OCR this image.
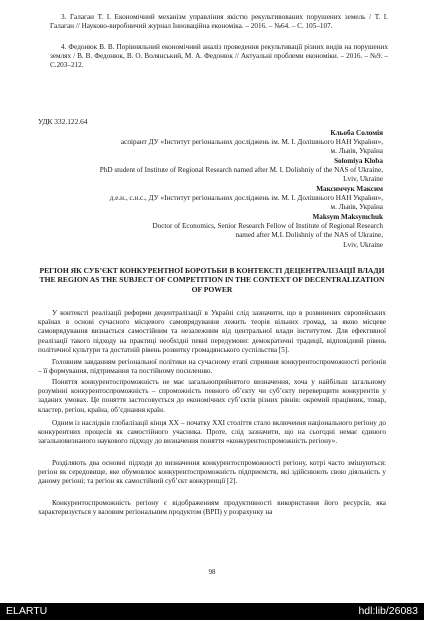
3. Галаган Т. І. Економічний механізм управління якістю рекультивованих порушених земель / Т. І. Галаган // Науково-виробничий журнал Інноваційна економіка. – 2016. – №64. – С. 105–107.

4. Федонюк В. В. Порівняльний економічний аналіз проведення рекультивації різних видів на порушених землях / В. В. Федонюк, В. О. Волянський, М. А. Федонюк // Актуальні проблеми економіки. – 2016. – №9. – С.203–212.

УДК 332.122.64
Кльоба Соломія
аспірант ДУ «Інститут регіональних досліджень ім. М. І. Долішнього НАН України»,
м. Львів, Україна
Solomiya Kloba
PhD student of Institute of Regional Research named after M. I. Dolishniy of the NAS of Ukraine,
Lviv, Ukraine
Максимчук Максим
д.е.н., с.н.с., ДУ «Інститут регіональних досліджень ім. М. І. Долішнього НАН України»,
м. Львів, Україна
Maksym Maksymchuk
Doctor of Economics, Senior Research Fellow of Institute of Regional Research
named after M.I. Dolishniy of the NAS of Ukraine,
Lviv, Ukraine
РЕГІОН ЯК СУБ’ЄКТ КОНКУРЕНТНОЇ БОРОТЬБИ В КОНТЕКСТІ ДЕЦЕНТРАЛІЗАЦІЇ ВЛАДИ
THE REGION AS THE SUBJECT OF COMPETITION IN THE CONTEXT OF DECENTRALIZATION OF POWER

У контексті реалізації реформи децентралізації в Україні слід зазначити, що в розвинених європейських країнах в основі сучасного місцевого самоврядування лежить теорія вільних громад, за якою місцеве самоврядування визнається самостійним та незалежним від центральної влади інститутом. Для ефективної реалізації такого підходу на практиці необхідні певні передумови: демократичні традиції, відповідний рівень політичної культури та достатній рівень розвитку громадянського суспільства [5].

Головним завданням регіональної політики на сучасному етапі сприяння конкурентоспроможності регіонів – її формування, підтримання та постійному посиленню.

Поняття конкурентоспроможність не має загальноприйнятого визначення, хоча у найбільш загальному розумінні конкурентоспроможність – спроможність певного об’єкту чи суб’єкту переверщити конкурентів у заданих умовах. Це поняття застосовується до економічних суб’єктів різних рівнів: окремий працівник, товар, кластер, регіон, країна, об’єднання країн.

Одним із наслідків глобалізації кінця ХХ – початку ХХІ століття стало включення національного регіону до конкурентних процесів як самостійного учасника. Проте, слід зазначити, що на сьогодні немає єдиного загальновизнаного наукового підходу до визначення поняття «конкурентоспроможність регіону».

Розділяють два основні підходи до визначення конкурентоспроможності регіону, котрі часто змішуються: регіон як середовище, яке обумовлює конкурентоспроможність підприємств, які здійснюють свою діяльність у даному регіоні; та регіон як самостійний суб’єкт конкуренції [2].

Конкурентоспроможність регіону є відображенням продуктивності використання його ресурсів, яка характеризується у валовим регіональним продуктом (ВРП) у розрахунку на

98
ELARTU	hdl:lib/26083
